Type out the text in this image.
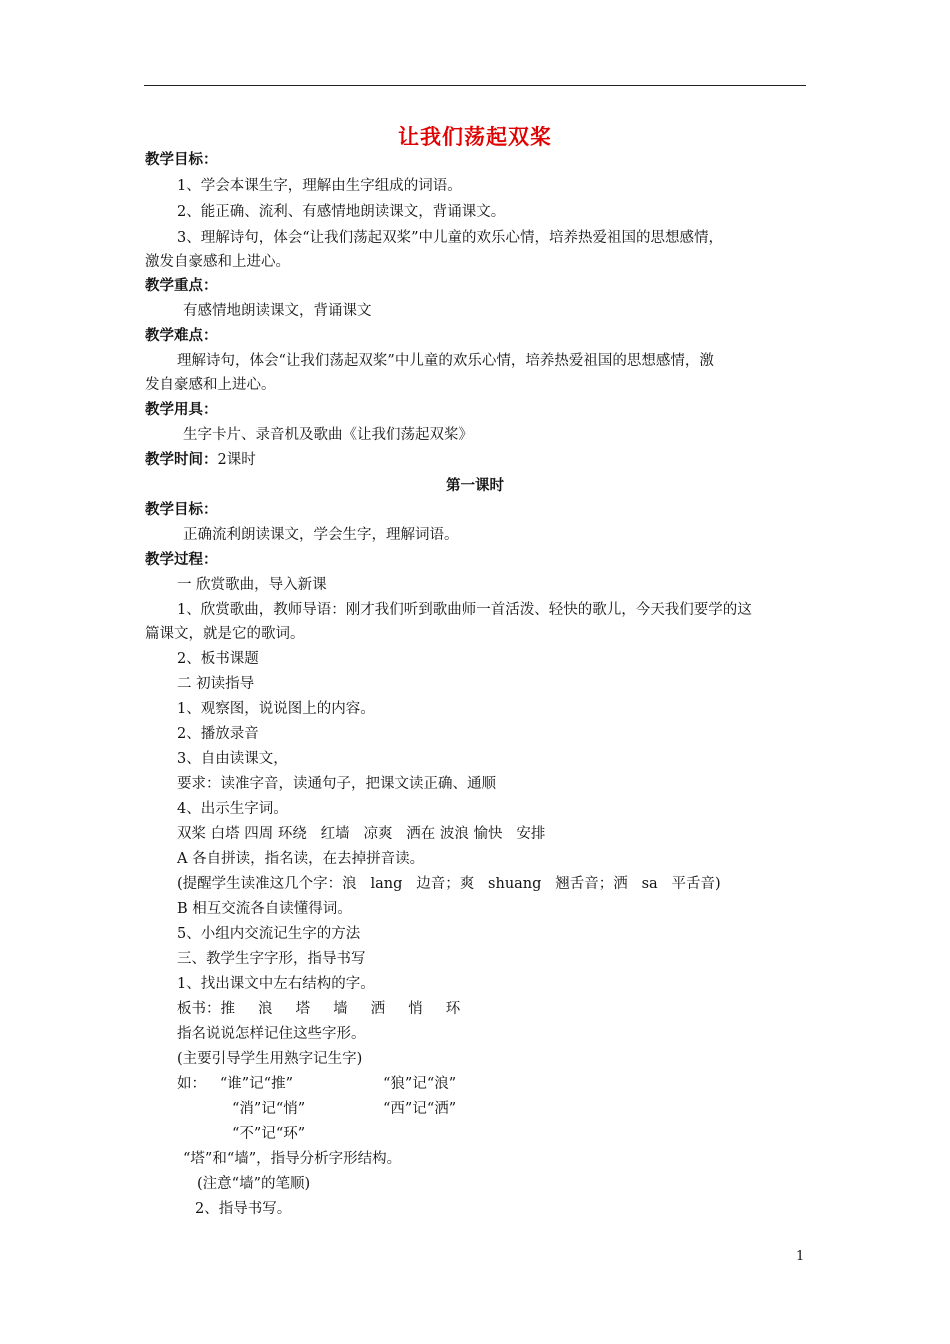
让我们荡起双桨
教学目标：
1、学会本课生字，理解由生字组成的词语。
2、能正确、流利、有感情地朗读课文，背诵课文。
3、理解诗句，体会“让我们荡起双桨”中儿童的欢乐心情，培养热爱祖国的思想感情，
激发自豪感和上进心。
教学重点：
有感情地朗读课文，背诵课文
教学难点：
理解诗句，体会“让我们荡起双桨”中儿童的欢乐心情，培养热爱祖国的思想感情，激
发自豪感和上进心。
教学用具：
生字卡片、录音机及歌曲《让我们荡起双桨》
教学时间：2课时
第一课时
教学目标：
正确流利朗读课文，学会生字，理解词语。
教学过程：
一 欣赏歌曲，导入新课
1、欣赏歌曲，教师导语：刚才我们听到歌曲师一首活泼、轻快的歌儿，今天我们要学的这
篇课文，就是它的歌词。
2、板书课题
二 初读指导
1、观察图，说说图上的内容。
2、播放录音
3、自由读课文，
要求：读准字音，读通句子，把课文读正确、通顺
4、出示生字词。
双桨 白塔 四周 环绕   红墙   凉爽   洒在 波浪 愉快   安排
A 各自拼读，指名读，在去掉拼音读。
(提醒学生读准这几个字：浪   lang   边音；爽   shuang   翘舌音；洒   sa   平舌音)
B 相互交流各自读懂得词。
5、小组内交流记生字的方法
三、教学生字字形，指导书写
1、找出课文中左右结构的字。
板书：推     浪     塔     墙     洒     悄     环
指名说说怎样记住这些字形。
(主要引导学生用熟字记生字)
如：   “谁”记“推”	“狼”记“浪”
“消”记“悄”	“西”记“洒”
“不”记“环”
“塔”和“墙”，指导分析字形结构。
(注意“墙”的笔顺)
2、指导书写。
1
